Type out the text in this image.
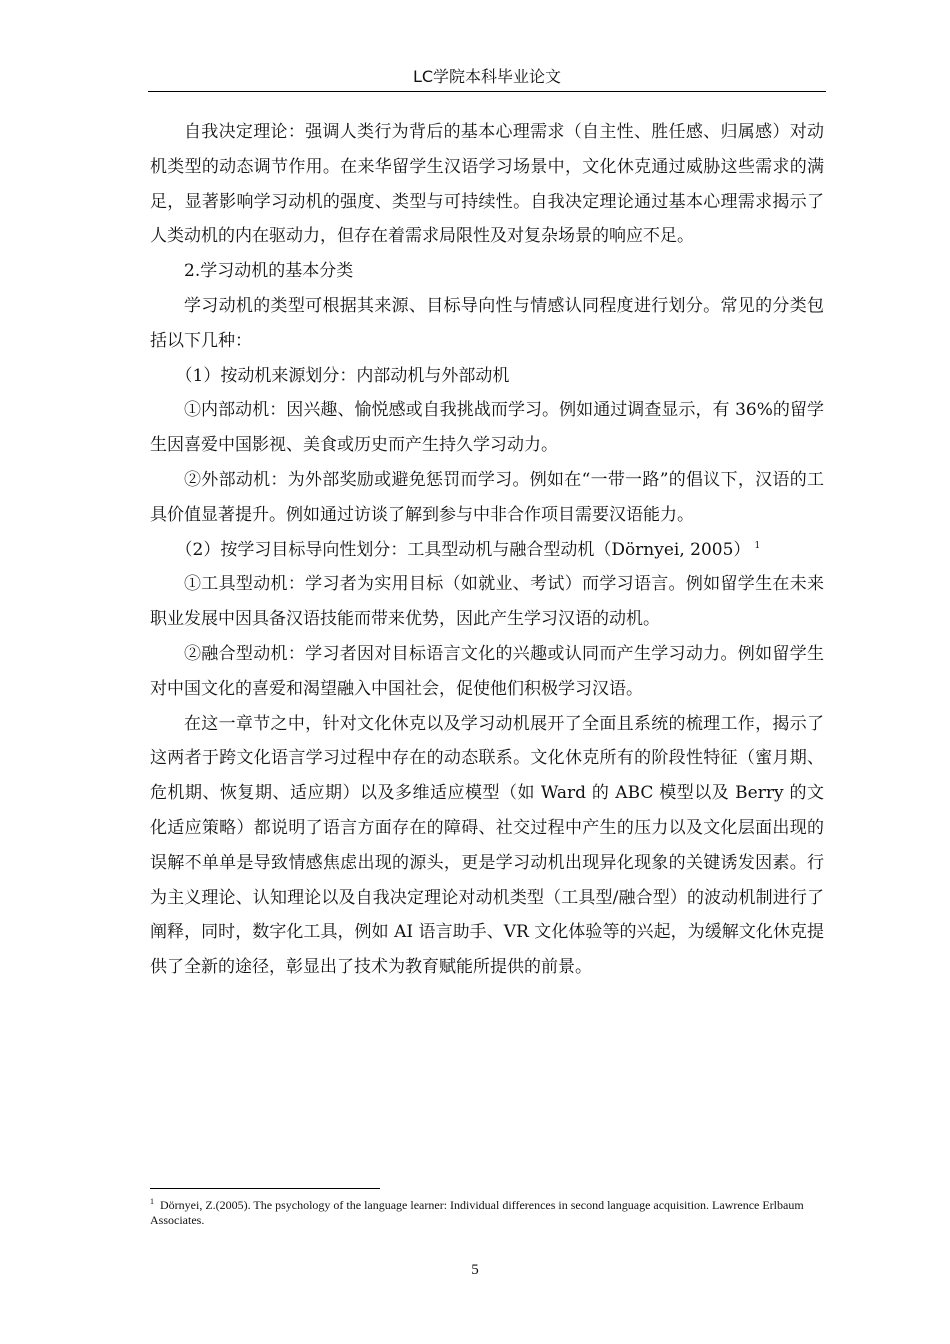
LC学院本科毕业论文

自我决定理论：强调人类行为背后的基本心理需求（自主性、胜任感、归属感）对动机类型的动态调节作用。在来华留学生汉语学习场景中，文化休克通过威胁这些需求的满足，显著影响学习动机的强度、类型与可持续性。自我决定理论通过基本心理需求揭示了人类动机的内在驱动力，但存在着需求局限性及对复杂场景的响应不足。

2.学习动机的基本分类

学习动机的类型可根据其来源、目标导向性与情感认同程度进行划分。常见的分类包括以下几种：

（1）按动机来源划分：内部动机与外部动机

①内部动机：因兴趣、愉悦感或自我挑战而学习。例如通过调查显示，有 36%的留学生因喜爱中国影视、美食或历史而产生持久学习动力。

②外部动机：为外部奖励或避免惩罚而学习。例如在“一带一路”的倡议下，汉语的工具价值显著提升。例如通过访谈了解到参与中非合作项目需要汉语能力。

（2）按学习目标导向性划分：工具型动机与融合型动机（Dörnyei, 2005） $^1$

①工具型动机：学习者为实用目标（如就业、考试）而学习语言。例如留学生在未来职业发展中因具备汉语技能而带来优势，因此产生学习汉语的动机。

②融合型动机：学习者因对目标语言文化的兴趣或认同而产生学习动力。例如留学生对中国文化的喜爱和渴望融入中国社会，促使他们积极学习汉语。

在这一章节之中，针对文化休克以及学习动机展开了全面且系统的梳理工作，揭示了这两者于跨文化语言学习过程中存在的动态联系。文化休克所有的阶段性特征（蜜月期、危机期、恢复期、适应期）以及多维适应模型（如 Ward 的 ABC 模型以及 Berry 的文化适应策略）都说明了语言方面存在的障碍、社交过程中产生的压力以及文化层面出现的误解不单单是导致情感焦虑出现的源头，更是学习动机出现异化现象的关键诱发因素。行为主义理论、认知理论以及自我决定理论对动机类型（工具型/融合型）的波动机制进行了阐释，同时，数字化工具，例如 AI 语言助手、VR 文化体验等的兴起，为缓解文化休克提供了全新的途径，彰显出了技术为教育赋能所提供的前景。

$^1$ Dörnyei, Z.(2005). The psychology of the language learner: Individual differences in second language acquisition. Lawrence Erlbaum Associates.
5
